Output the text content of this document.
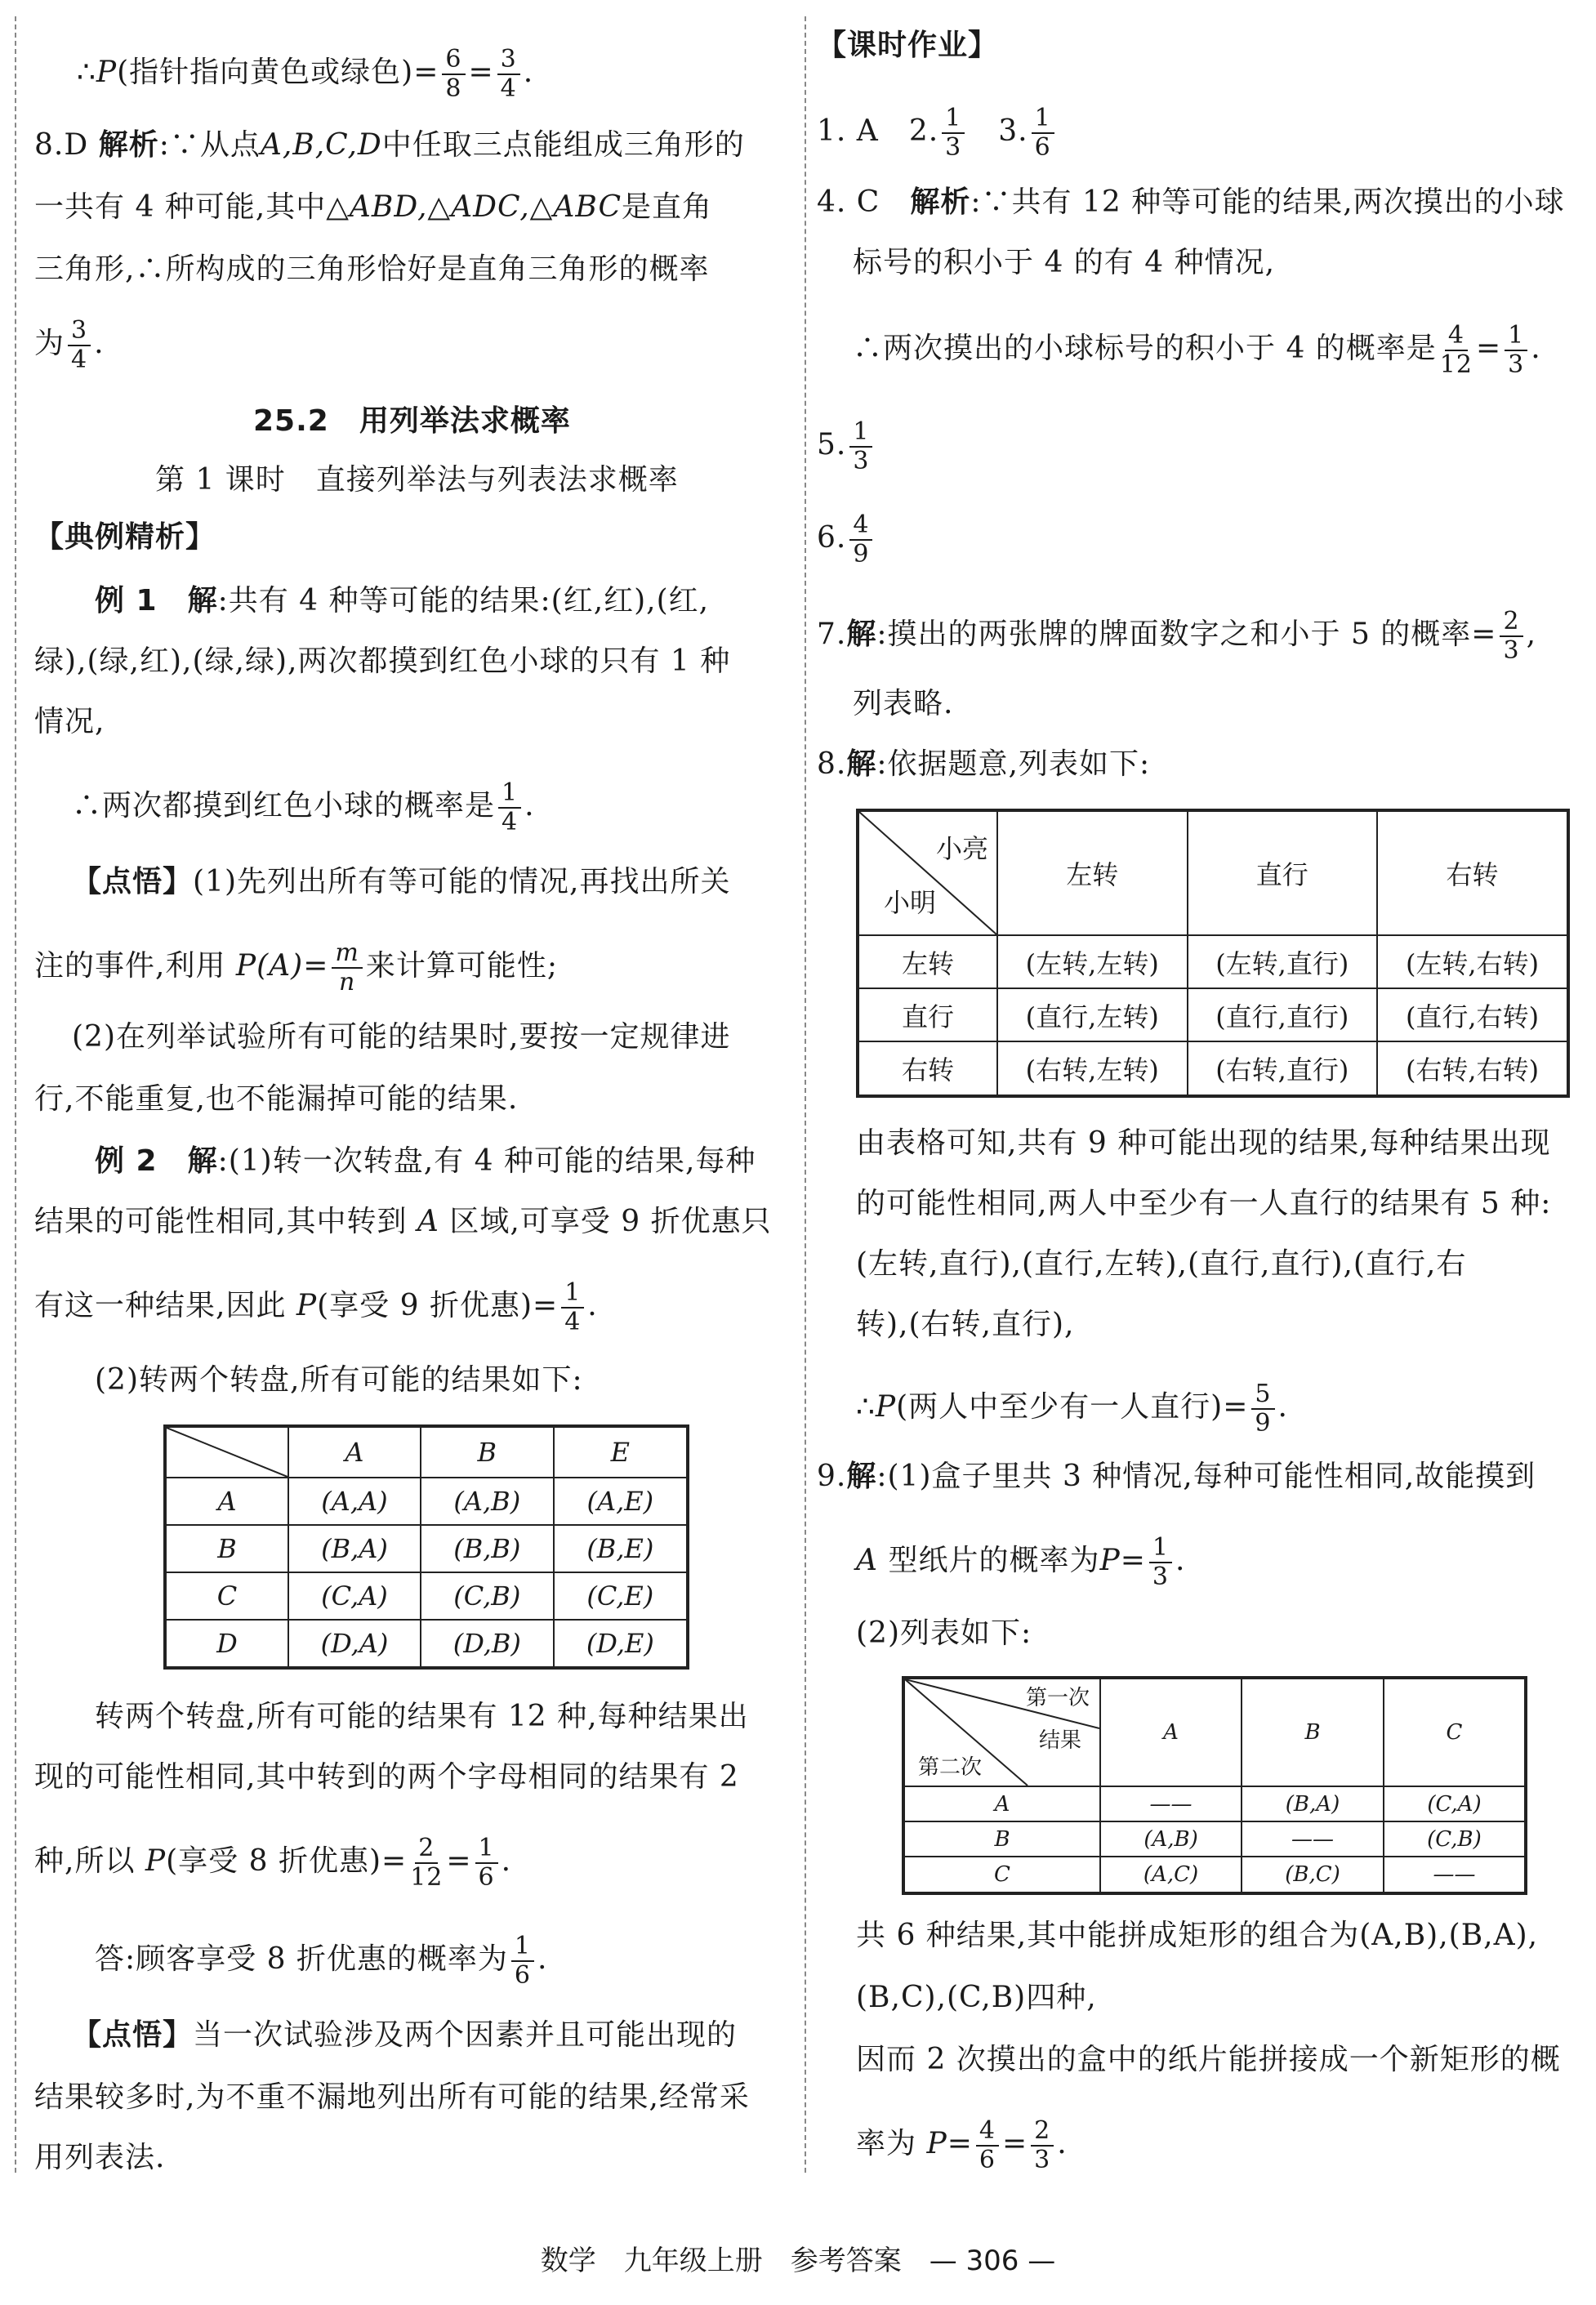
∴P(指针指向黄色或绿色)= $\frac{6}{8} = \frac{3}{4}$ .
8.D 解析:∵从点A,B,C,D中任取三点能组成三角形的
一共有 4 种可能,其中△ABD,△ADC,△ABC是直角
三角形,∴所构成的三角形恰好是直角三角形的概率
为 $\frac{3}{4}$ .
25.2　用列举法求概率
第 1 课时　直接列举法与列表法求概率
【典例精析】
例 1　解:共有 4 种等可能的结果:(红,红),(红,
绿),(绿,红),(绿,绿),两次都摸到红色小球的只有 1 种
情况,
∴两次都摸到红色小球的概率是 $\frac{1}{4}$ .
【点悟】(1)先列出所有等可能的情况,再找出所关
注的事件,利用 $P(A)= \frac{m}{n}$ 来计算可能性;
(2)在列举试验所有可能的结果时,要按一定规律进
行,不能重复,也不能漏掉可能的结果.
例 2　解:(1)转一次转盘,有 4 种可能的结果,每种
结果的可能性相同,其中转到 A 区域,可享受 9 折优惠只
有这一种结果,因此 P(享受 9 折优惠)= $\frac{1}{4}$ .
(2)转两个转盘,所有可能的结果如下:
	A	B	E
A	(A,A)	(A,B)	(A,E)
B	(B,A)	(B,B)	(B,E)
C	(C,A)	(C,B)	(C,E)
D	(D,A)	(D,B)	(D,E)
转两个转盘,所有可能的结果有 12 种,每种结果出
现的可能性相同,其中转到的两个字母相同的结果有 2
种,所以 P(享受 8 折优惠)= $\frac{2}{12} = \frac{1}{6}$ .
答:顾客享受 8 折优惠的概率为 $\frac{1}{6}$ .
【点悟】当一次试验涉及两个因素并且可能出现的
结果较多时,为不重不漏地列出所有可能的结果,经常采
用列表法.
【课时作业】
1. A　 2. $\frac{1}{3}$
　 3. $\frac{1}{6}$
4. C　 解析:∵共有 12 种等可能的结果,两次摸出的小球
标号的积小于 4 的有 4 种情况,
∴两次摸出的小球标号的积小于 4 的概率是 $\frac{4}{12} = \frac{1}{3}$ .
5. $\frac{1}{3}$
6. $\frac{4}{9}$
7.解:摸出的两张牌的牌面数字之和小于 5 的概率= $\frac{2}{3}$ ,
列表略.
8.解:依据题意,列表如下:
小亮
小明	左转	直行	右转
左转	(左转,左转)	(左转,直行)	(左转,右转)
直行	(直行,左转)	(直行,直行)	(直行,右转)
右转	(右转,左转)	(右转,直行)	(右转,右转)
由表格可知,共有 9 种可能出现的结果,每种结果出现
的可能性相同,两人中至少有一人直行的结果有 5 种:
(左转,直行),(直行,左转),(直行,直行),(直行,右
转),(右转,直行),
∴P(两人中至少有一人直行)= $\frac{5}{9}$ .
9.解:(1)盒子里共 3 种情况,每种可能性相同,故能摸到
A 型纸片的概率为$P= \frac{1}{3}$ .
(2)列表如下:
第一次
结果
第二次	A	B	C
A	——	(B,A)	(C,A)
B	(A,B)	——	(C,B)
C	(A,C)	(B,C)	——
共 6 种结果,其中能拼成矩形的组合为(A,B),(B,A),
(B,C),(C,B)四种,
因而 2 次摸出的盒中的纸片能拼接成一个新矩形的概
率为 $P= \frac{4}{6} = \frac{2}{3}$ .
数学　九年级上册　参考答案　— 306 —
